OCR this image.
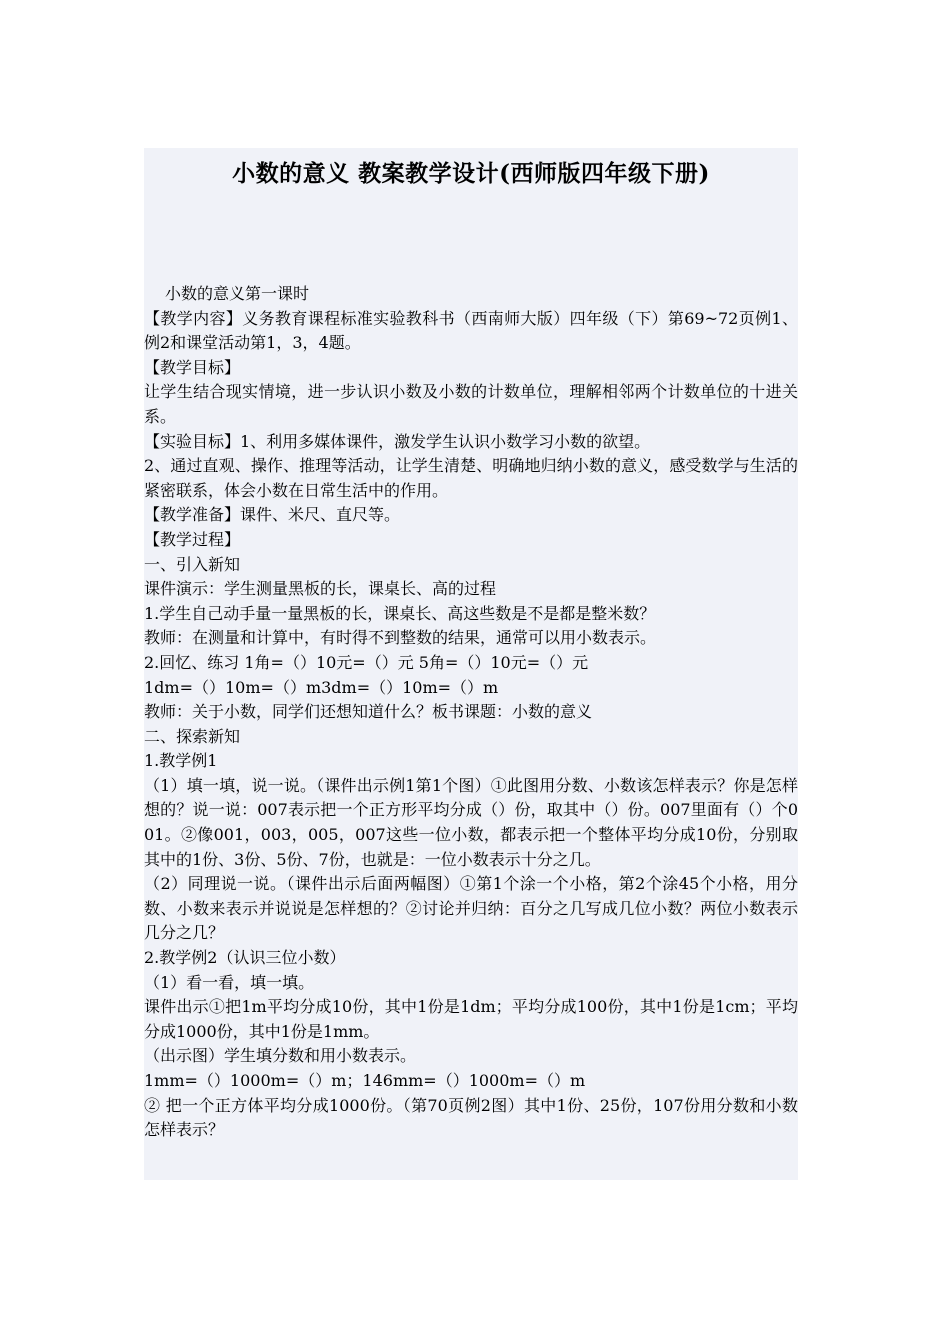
小数的意义 教案教学设计(西师版四年级下册)

小数的意义第一课时

【教学内容】义务教育课程标准实验教科书（西南师大版）四年级（下）第69~72页例1、例2和课堂活动第1，3，4题。

【教学目标】

让学生结合现实情境，进一步认识小数及小数的计数单位，理解相邻两个计数单位的十进关系。

【实验目标】1、利用多媒体课件，激发学生认识小数学习小数的欲望。

2、通过直观、操作、推理等活动，让学生清楚、明确地归纳小数的意义，感受数学与生活的紧密联系，体会小数在日常生活中的作用。

【教学准备】课件、米尺、直尺等。

【教学过程】

一、引入新知

课件演示：学生测量黑板的长，课桌长、高的过程

1.学生自己动手量一量黑板的长，课桌长、高这些数是不是都是整米数？

教师：在测量和计算中，有时得不到整数的结果，通常可以用小数表示。

2.回忆、练习 1角=（）10元=（）元 5角=（）10元=（）元

1dm=（）10m=（）m3dm=（）10m=（）m

教师：关于小数，同学们还想知道什么？板书课题：小数的意义

二、探索新知

1.教学例1

（1）填一填，说一说。（课件出示例1第1个图）①此图用分数、小数该怎样表示？你是怎样想的？说一说：007表示把一个正方形平均分成（）份，取其中（）份。007里面有（）个001。②像001，003，005，007这些一位小数，都表示把一个整体平均分成10份，分别取其中的1份、3份、5份、7份，也就是：一位小数表示十分之几。

（2）同理说一说。（课件出示后面两幅图）①第1个涂一个小格，第2个涂45个小格，用分数、小数来表示并说说是怎样想的？②讨论并归纳：百分之几写成几位小数？两位小数表示几分之几？

2.教学例2（认识三位小数）

（1）看一看，填一填。

课件出示①把1m平均分成10份，其中1份是1dm；平均分成100份，其中1份是1cm；平均分成1000份，其中1份是1mm。

（出示图）学生填分数和用小数表示。

1mm=（）1000m=（）m；146mm=（）1000m=（）m

② 把一个正方体平均分成1000份。（第70页例2图）其中1份、25份，107份用分数和小数怎样表示？
